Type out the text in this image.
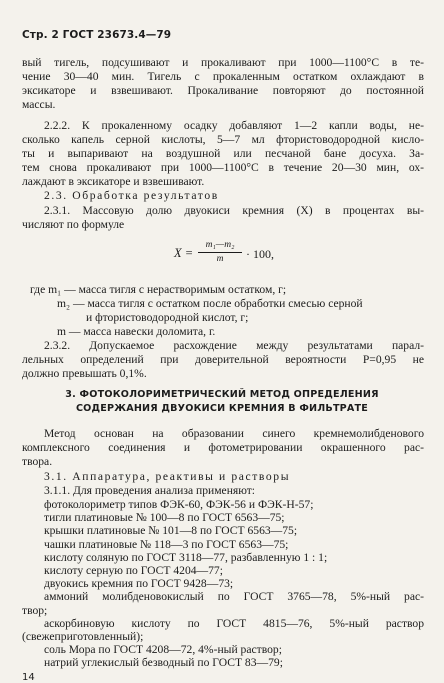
Стр. 2 ГОСТ 23673.4—79
вый тигель, подсушивают и прокаливают при 1000—1100°С в те-
чение 30—40 мин. Тигель с прокаленным остатком охлаждают в
эксикаторе и взвешивают. Прокаливание повторяют до постоянной
массы.
2.2.2. К прокаленному осадку добавляют 1—2 капли воды, не-
сколько капель серной кислоты, 5—7 мл фтористоводородной кисло-
ты и выпаривают на воздушной или песчаной бане досуха. За-
тем снова прокаливают при 1000—1100°С в течение 20—30 мин, ох-
лаждают в эксикаторе и взвешивают.
2.3. Обработка результатов
2.3.1. Массовую долю двуокиси кремния (X) в процентах вы-
числяют по формуле
X =
m₁—m₂
m	· 100,
где m₁ — масса тигля с нерастворимым остатком, г;
m₂ — масса тигля с остатком после обработки смесью серной
и фтористоводородной кислот, г;
m — масса навески доломита, г.
2.3.2. Допускаемое расхождение между результатами парал-
лельных определений при доверительной вероятности P=0,95 не
должно превышать 0,1%.
3. ФОТОКОЛОРИМЕТРИЧЕСКИЙ МЕТОД ОПРЕДЕЛЕНИЯ
СОДЕРЖАНИЯ ДВУОКИСИ КРЕМНИЯ В ФИЛЬТРАТЕ
Метод основан на образовании синего кремнемолибденового
комплексного соединения и фотометрировании окрашенного рас-
твора.
3.1. Аппаратура, реактивы и растворы
3.1.1. Для проведения анализа применяют:
14
фотоколориметр типов ФЭК-60, ФЭК-56 и ФЭК-Н-57;
тигли платиновые № 100—8 по ГОСТ 6563—75;
крышки платиновые № 101—8 по ГОСТ 6563—75;
чашки платиновые № 118—3 по ГОСТ 6563—75;
кислоту соляную по ГОСТ 3118—77, разбавленную 1 : 1;
кислоту серную по ГОСТ 4204—77;
двуокись кремния по ГОСТ 9428—73;
аммоний молибденовокислый по ГОСТ 3765—78, 5%-ный рас-
твор;
аскорбиновую кислоту по ГОСТ 4815—76, 5%-ный раствор
(свежеприготовленный);
соль Мора по ГОСТ 4208—72, 4%-ный раствор;
натрий углекислый безводный по ГОСТ 83—79;
